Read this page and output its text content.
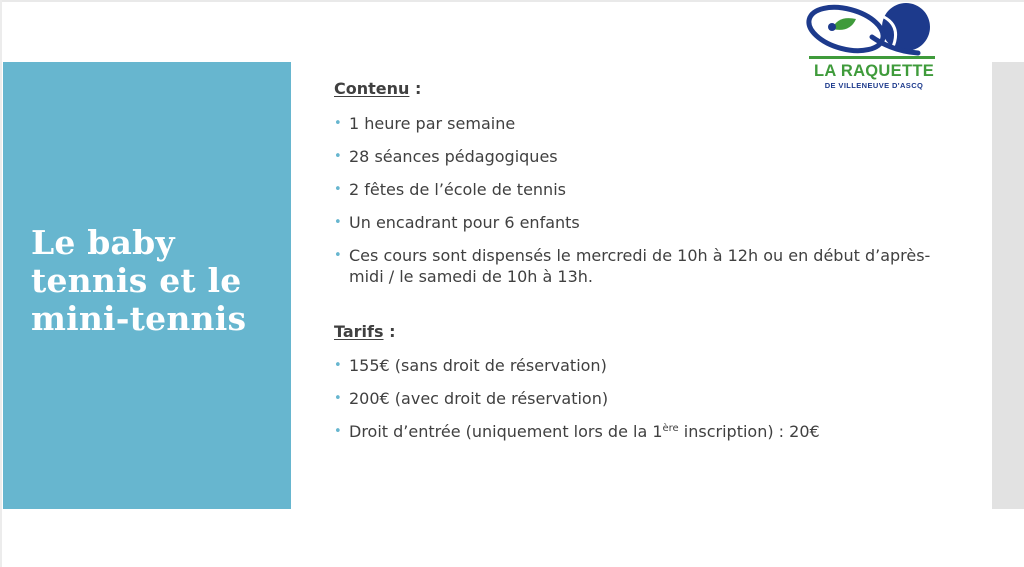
Le baby tennis et le mini-tennis

Contenu :

• 1 heure par semaine
• 28 séances pédagogiques
• 2 fêtes de l’école de tennis
• Un encadrant pour 6 enfants
• Ces cours sont dispensés le mercredi de 10h à 12h ou en début d’après-midi / le samedi de 10h à 13h.

Tarifs :

• 155€ (sans droit de réservation)
• 200€ (avec droit de réservation)
• Droit d’entrée (uniquement lors de la 1ère inscription) : 20€
LA RAQUETTE
DE VILLENEUVE D'ASCQ
